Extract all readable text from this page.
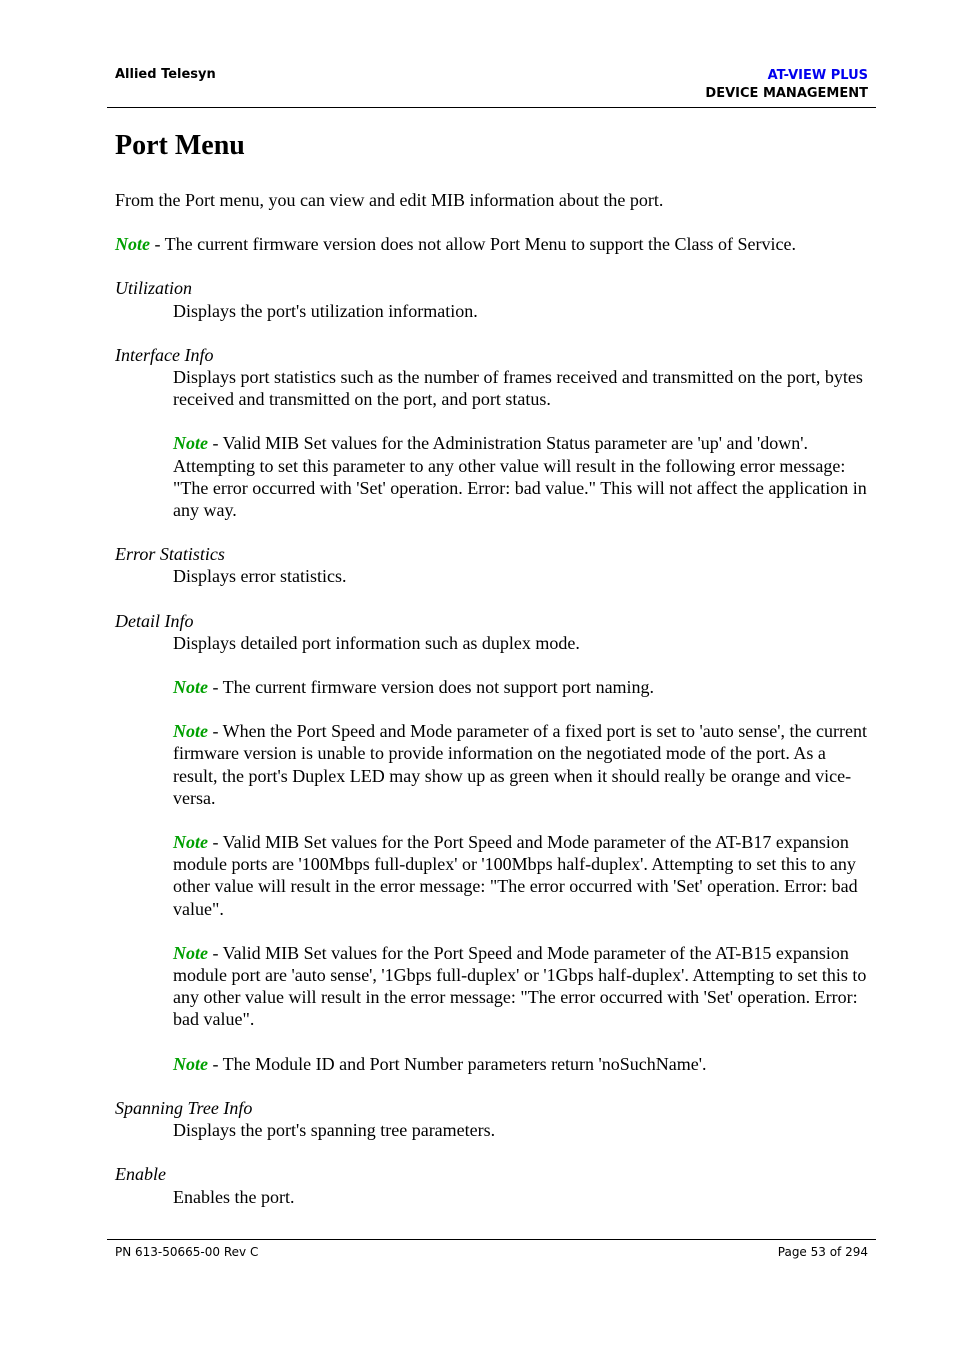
Allied Telesyn	AT-VIEW PLUS
DEVICE MANAGEMENT
Port Menu

From the Port menu, you can view and edit MIB information about the port.

Note - The current firmware version does not allow Port Menu to support the Class of Service.

Utilization

Displays the port's utilization information.

Interface Info

Displays port statistics such as the number of frames received and transmitted on the port, bytes received and transmitted on the port, and port status.

Note - Valid MIB Set values for the Administration Status parameter are 'up' and 'down'. Attempting to set this parameter to any other value will result in the following error message: "The error occurred with 'Set' operation. Error: bad value." This will not affect the application in any way.

Error Statistics

Displays error statistics.

Detail Info

Displays detailed port information such as duplex mode.

Note - The current firmware version does not support port naming.

Note - When the Port Speed and Mode parameter of a fixed port is set to 'auto sense', the current firmware version is unable to provide information on the negotiated mode of the port. As a result, the port's Duplex LED may show up as green when it should really be orange and vice-versa.

Note - Valid MIB Set values for the Port Speed and Mode parameter of the AT-B17 expansion module ports are '100Mbps full-duplex' or '100Mbps half-duplex'. Attempting to set this to any other value will result in the error message: "The error occurred with 'Set' operation. Error: bad value".

Note - Valid MIB Set values for the Port Speed and Mode parameter of the AT-B15 expansion module port are 'auto sense', '1Gbps full-duplex' or '1Gbps half-duplex'. Attempting to set this to any other value will result in the error message: "The error occurred with 'Set' operation. Error: bad value".

Note - The Module ID and Port Number parameters return 'noSuchName'.

Spanning Tree Info

Displays the port's spanning tree parameters.

Enable

Enables the port.

PN 613-50665-00 Rev C	Page 53 of 294
